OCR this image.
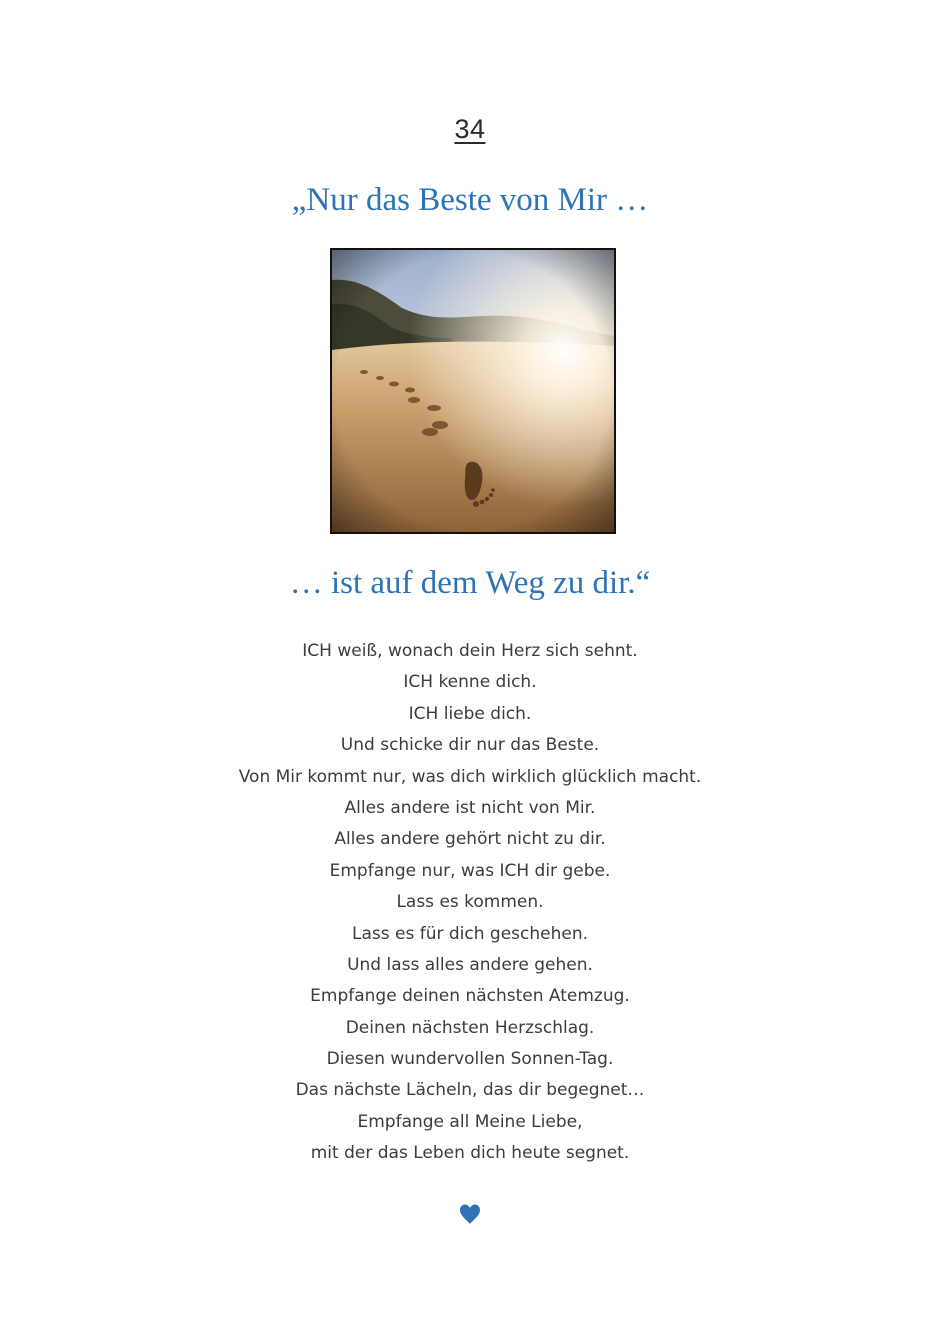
34
„Nur das Beste von Mir …
… ist auf dem Weg zu dir.“
ICH weiß, wonach dein Herz sich sehnt.
ICH kenne dich.
ICH liebe dich.
Und schicke dir nur das Beste.
Von Mir kommt nur, was dich wirklich glücklich macht.
Alles andere ist nicht von Mir.
Alles andere gehört nicht zu dir.
Empfange nur, was ICH dir gebe.
Lass es kommen.
Lass es für dich geschehen.
Und lass alles andere gehen.
Empfange deinen nächsten Atemzug.
Deinen nächsten Herzschlag.
Diesen wundervollen Sonnen-Tag.
Das nächste Lächeln, das dir begegnet…
Empfange all Meine Liebe,
mit der das Leben dich heute segnet.
